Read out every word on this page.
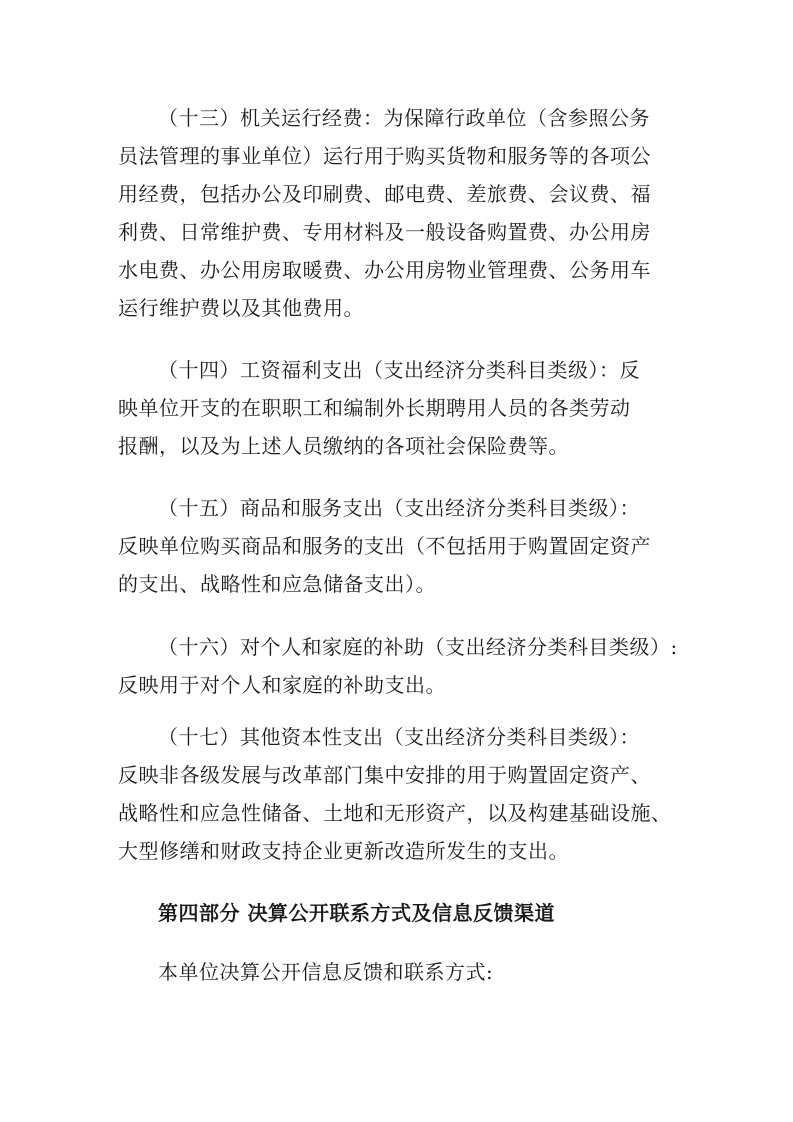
（十三）机关运行经费：为保障行政单位（含参照公务
员法管理的事业单位）运行用于购买货物和服务等的各项公
用经费，包括办公及印刷费、邮电费、差旅费、会议费、福
利费、日常维护费、专用材料及一般设备购置费、办公用房
水电费、办公用房取暖费、办公用房物业管理费、公务用车
运行维护费以及其他费用。
（十四）工资福利支出（支出经济分类科目类级）：反
映单位开支的在职职工和编制外长期聘用人员的各类劳动
报酬，以及为上述人员缴纳的各项社会保险费等。
（十五）商品和服务支出（支出经济分类科目类级）：
反映单位购买商品和服务的支出（不包括用于购置固定资产
的支出、战略性和应急储备支出）。
（十六）对个人和家庭的补助（支出经济分类科目类级）:
反映用于对个人和家庭的补助支出。
（十七）其他资本性支出（支出经济分类科目类级）：
反映非各级发展与改革部门集中安排的用于购置固定资产、
战略性和应急性储备、土地和无形资产，以及构建基础设施、
大型修缮和财政支持企业更新改造所发生的支出。
第四部分 决算公开联系方式及信息反馈渠道
本单位决算公开信息反馈和联系方式:
